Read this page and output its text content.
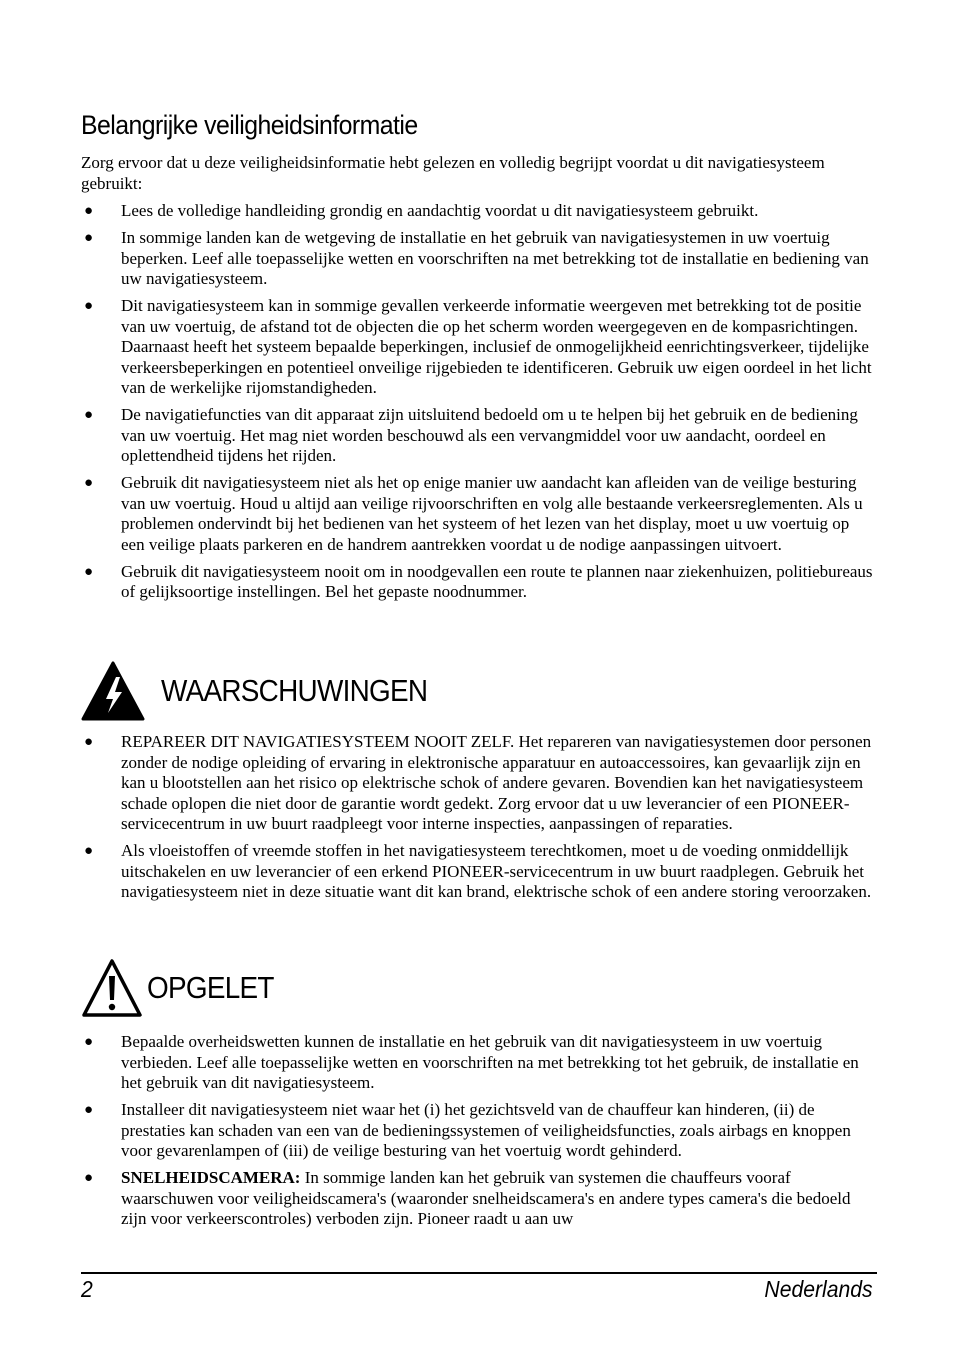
Belangrijke veiligheidsinformatie

Zorg ervoor dat u deze veiligheidsinformatie hebt gelezen en volledig begrijpt voordat u dit navigatiesysteem gebruikt:

● Lees de volledige handleiding grondig en aandachtig voordat u dit navigatiesysteem gebruikt.
● In sommige landen kan de wetgeving de installatie en het gebruik van navigatiesystemen in uw voertuig beperken. Leef alle toepasselijke wetten en voorschriften na met betrekking tot de installatie en bediening van uw navigatiesysteem.
● Dit navigatiesysteem kan in sommige gevallen verkeerde informatie weergeven met betrekking tot de positie van uw voertuig, de afstand tot de objecten die op het scherm worden weergegeven en de kompasrichtingen. Daarnaast heeft het systeem bepaalde beperkingen, inclusief de onmogelijkheid eenrichtingsverkeer, tijdelijke verkeersbeperkingen en potentieel onveilige rijgebieden te identificeren. Gebruik uw eigen oordeel in het licht van de werkelijke rijomstandigheden.
● De navigatiefuncties van dit apparaat zijn uitsluitend bedoeld om u te helpen bij het gebruik en de bediening van uw voertuig. Het mag niet worden beschouwd als een vervangmiddel voor uw aandacht, oordeel en oplettendheid tijdens het rijden.
● Gebruik dit navigatiesysteem niet als het op enige manier uw aandacht kan afleiden van de veilige besturing van uw voertuig. Houd u altijd aan veilige rijvoorschriften en volg alle bestaande verkeersreglementen. Als u problemen ondervindt bij het bedienen van het systeem of het lezen van het display, moet u uw voertuig op een veilige plaats parkeren en de handrem aantrekken voordat u de nodige aanpassingen uitvoert.
● Gebruik dit navigatiesysteem nooit om in noodgevallen een route te plannen naar ziekenhuizen, politiebureaus of gelijksoortige instellingen. Bel het gepaste noodnummer.
WAARSCHUWINGEN
● REPAREER DIT NAVIGATIESYSTEEM NOOIT ZELF. Het repareren van navigatiesystemen door personen zonder de nodige opleiding of ervaring in elektronische apparatuur en autoaccessoires, kan gevaarlijk zijn en kan u blootstellen aan het risico op elektrische schok of andere gevaren. Bovendien kan het navigatiesysteem schade oplopen die niet door de garantie wordt gedekt. Zorg ervoor dat u uw leverancier of een PIONEER-servicecentrum in uw buurt raadpleegt voor interne inspecties, aanpassingen of reparaties.
● Als vloeistoffen of vreemde stoffen in het navigatiesysteem terechtkomen, moet u de voeding onmiddellijk uitschakelen en uw leverancier of een erkend PIONEER-servicecentrum in uw buurt raadplegen. Gebruik het navigatiesysteem niet in deze situatie want dit kan brand, elektrische schok of een andere storing veroorzaken.
OPGELET
● Bepaalde overheidswetten kunnen de installatie en het gebruik van dit navigatiesysteem in uw voertuig verbieden. Leef alle toepasselijke wetten en voorschriften na met betrekking tot het gebruik, de installatie en het gebruik van dit navigatiesysteem.
● Installeer dit navigatiesysteem niet waar het (i) het gezichtsveld van de chauffeur kan hinderen, (ii) de prestaties kan schaden van een van de bedieningssystemen of veiligheidsfuncties, zoals airbags en knoppen voor gevarenlampen of (iii) de veilige besturing van het voertuig wordt gehinderd.
● SNELHEIDSCAMERA: In sommige landen kan het gebruik van systemen die chauffeurs vooraf waarschuwen voor veiligheidscamera's (waaronder snelheidscamera's en andere types camera's die bedoeld zijn voor verkeerscontroles) verboden zijn. Pioneer raadt u aan uw
2	Nederlands
